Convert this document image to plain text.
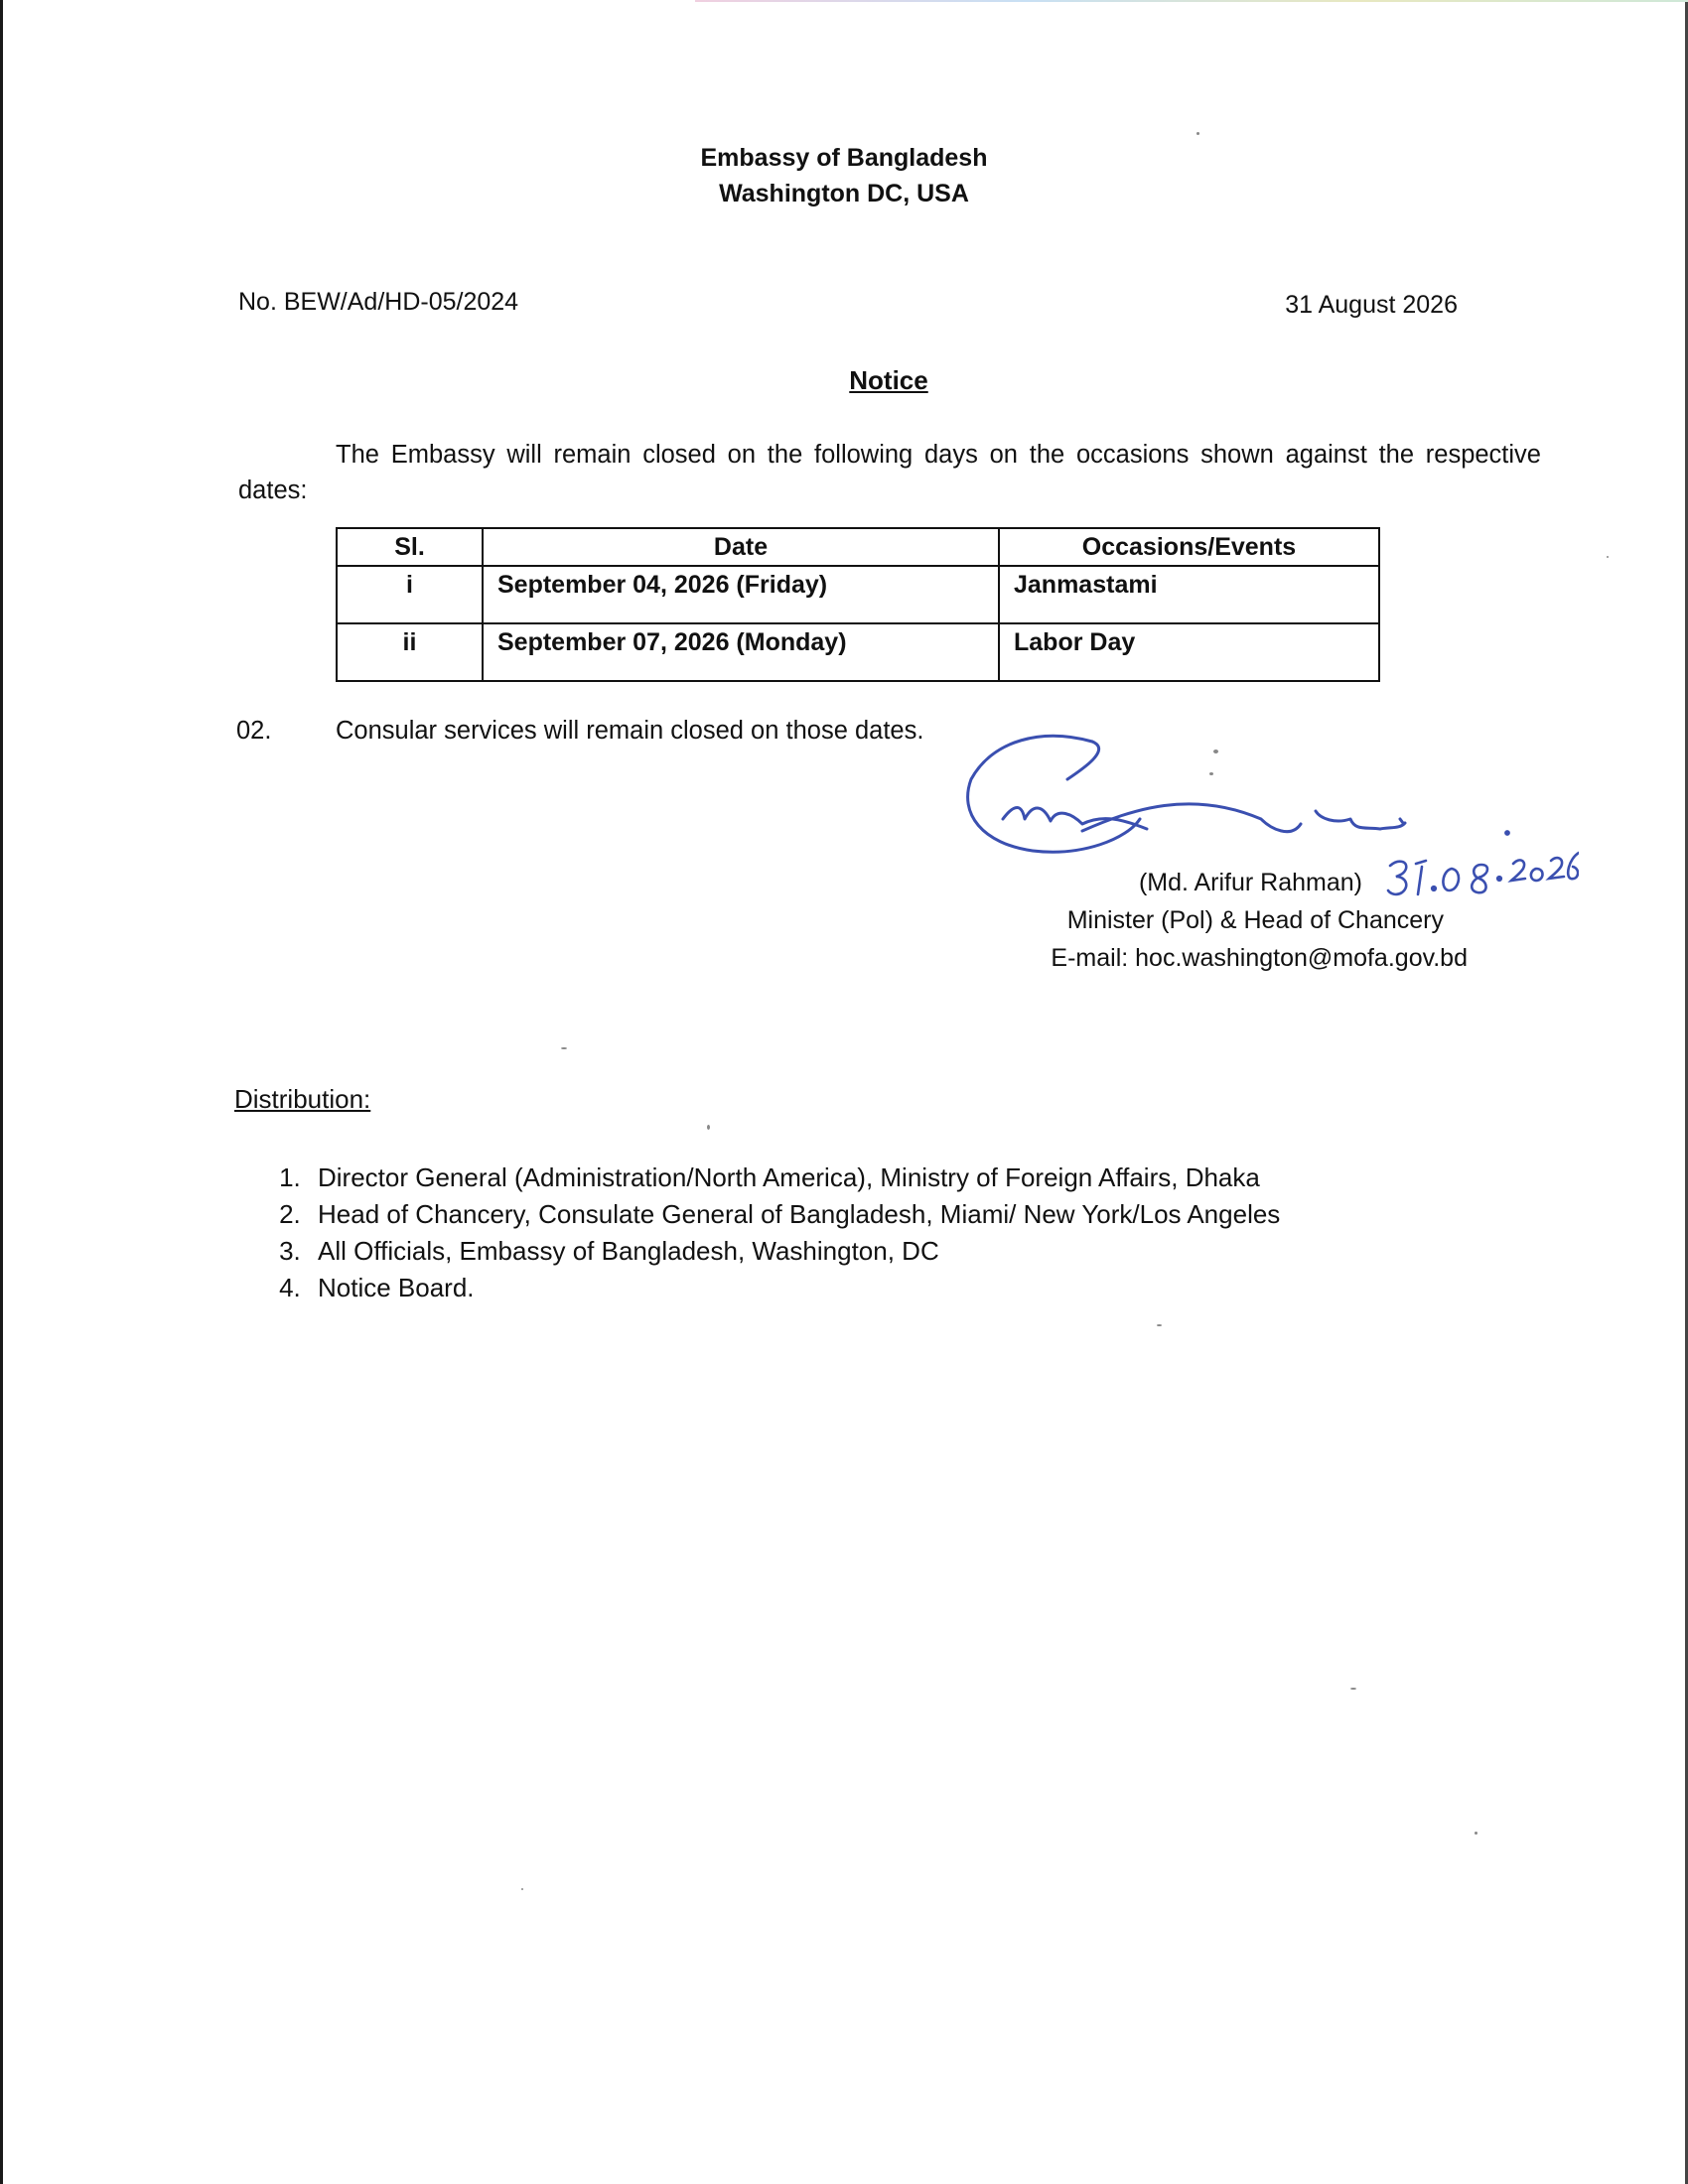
Embassy of Bangladesh
Washington DC, USA
No. BEW/Ad/HD-05/2024	31 August 2026
Notice
The Embassy will remain closed on the following days on the occasions shown against the respective dates:
Sl.	Date	Occasions/Events
i	September 04, 2026 (Friday)	Janmastami
ii	September 07, 2026 (Monday)	Labor Day
02.	Consular services will remain closed on those dates.
(Md. Arifur Rahman)
Minister (Pol) & Head of Chancery
E-mail: hoc.washington@mofa.gov.bd
Distribution:
1. Director General (Administration/North America), Ministry of Foreign Affairs, Dhaka
2. Head of Chancery, Consulate General of Bangladesh, Miami/ New York/Los Angeles
3. All Officials, Embassy of Bangladesh, Washington, DC
4. Notice Board.
